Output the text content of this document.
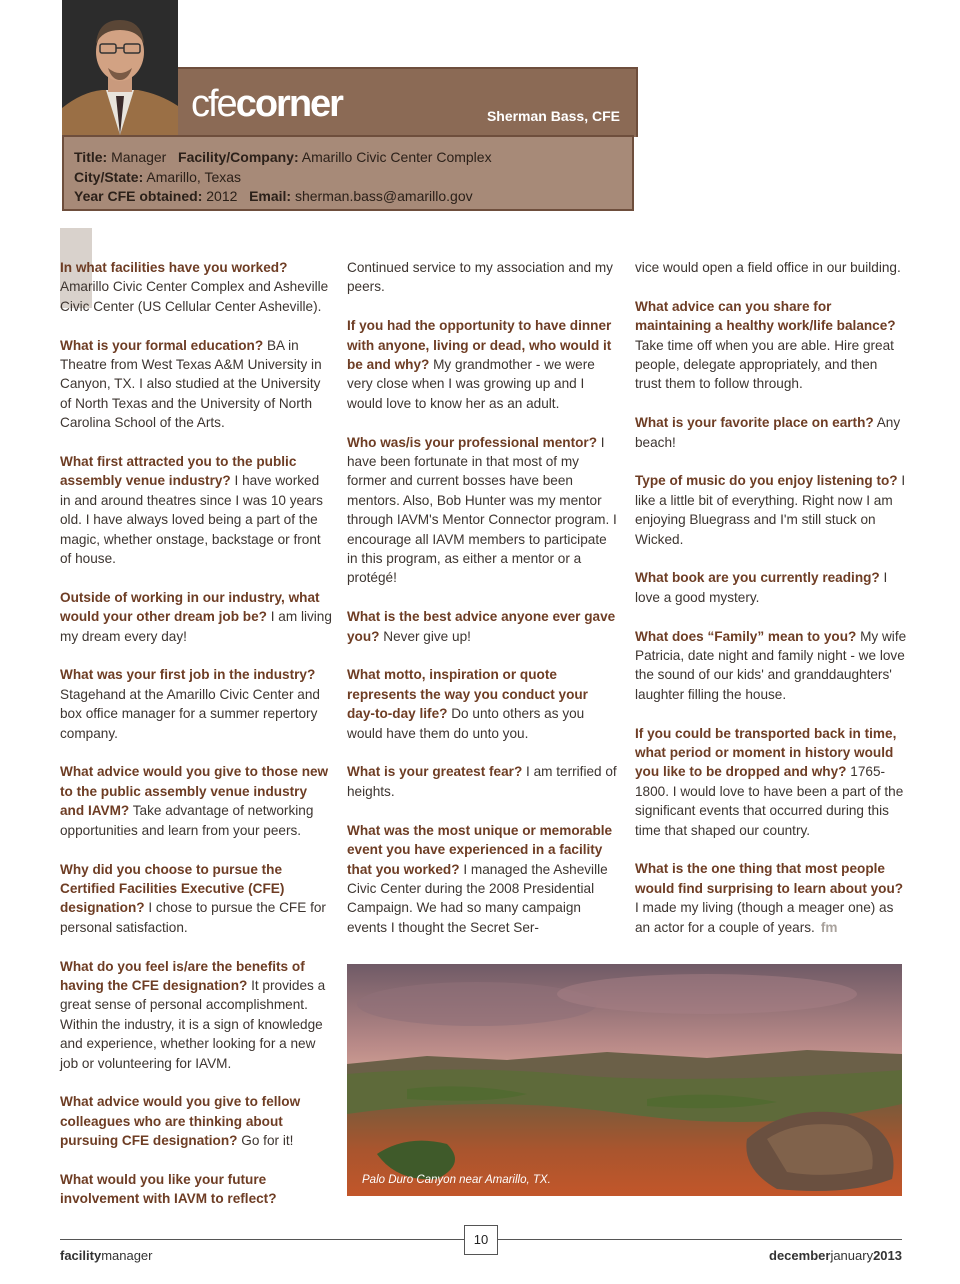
cfecorner	Sherman Bass, CFE
Title: Manager Facility/Company: Amarillo Civic Center Complex
City/State: Amarillo, Texas
Year CFE obtained: 2012 Email: sherman.bass@amarillo.gov
In what facilities have you worked? Amarillo Civic Center Complex and Asheville Civic Center (US Cellular Center Asheville).
What is your formal education? BA in Theatre from West Texas A&M University in Canyon, TX. I also studied at the University of North Texas and the University of North Carolina School of the Arts.
What first attracted you to the public assembly venue industry? I have worked in and around theatres since I was 10 years old. I have always loved being a part of the magic, whether onstage, backstage or front of house.
Outside of working in our industry, what would your other dream job be? I am living my dream every day!
What was your first job in the industry? Stagehand at the Amarillo Civic Center and box office manager for a summer repertory company.
What advice would you give to those new to the public assembly venue industry and IAVM? Take advantage of networking opportunities and learn from your peers.
Why did you choose to pursue the Certified Facilities Executive (CFE) designation? I chose to pursue the CFE for personal satisfaction.
What do you feel is/are the benefits of having the CFE designation? It provides a great sense of personal accomplishment. Within the industry, it is a sign of knowledge and experience, whether looking for a new job or volunteering for IAVM.
What advice would you give to fellow colleagues who are thinking about pursuing CFE designation? Go for it!
What would you like your future involvement with IAVM to reflect?
Continued service to my association and my peers.
If you had the opportunity to have dinner with anyone, living or dead, who would it be and why? My grandmother - we were very close when I was growing up and I would love to know her as an adult.
Who was/is your professional mentor? I have been fortunate in that most of my former and current bosses have been mentors. Also, Bob Hunter was my mentor through IAVM's Mentor Connector program. I encourage all IAVM members to participate in this program, as either a mentor or a protégé!
What is the best advice anyone ever gave you? Never give up!
What motto, inspiration or quote represents the way you conduct your day-to-day life? Do unto others as you would have them do unto you.
What is your greatest fear? I am terrified of heights.
What was the most unique or memorable event you have experienced in a facility that you worked? I managed the Asheville Civic Center during the 2008 Presidential Campaign. We had so many campaign events I thought the Secret Ser-
vice would open a field office in our building.
What advice can you share for maintaining a healthy work/life balance? Take time off when you are able. Hire great people, delegate appropriately, and then trust them to follow through.
What is your favorite place on earth? Any beach!
Type of music do you enjoy listening to? I like a little bit of everything. Right now I am enjoying Bluegrass and I'm still stuck on Wicked.
What book are you currently reading? I love a good mystery.
What does “Family” mean to you? My wife Patricia, date night and family night - we love the sound of our kids' and granddaughters' laughter filling the house.
If you could be transported back in time, what period or moment in history would you like to be dropped and why? 1765-1800. I would love to have been a part of the significant events that occurred during this time that shaped our country.
What is the one thing that most people would find surprising to learn about you? I made my living (though a meager one) as an actor for a couple of years. fm
Palo Duro Canyon near Amarillo, TX.
10
facilitymanager	decemberjanuary2013
